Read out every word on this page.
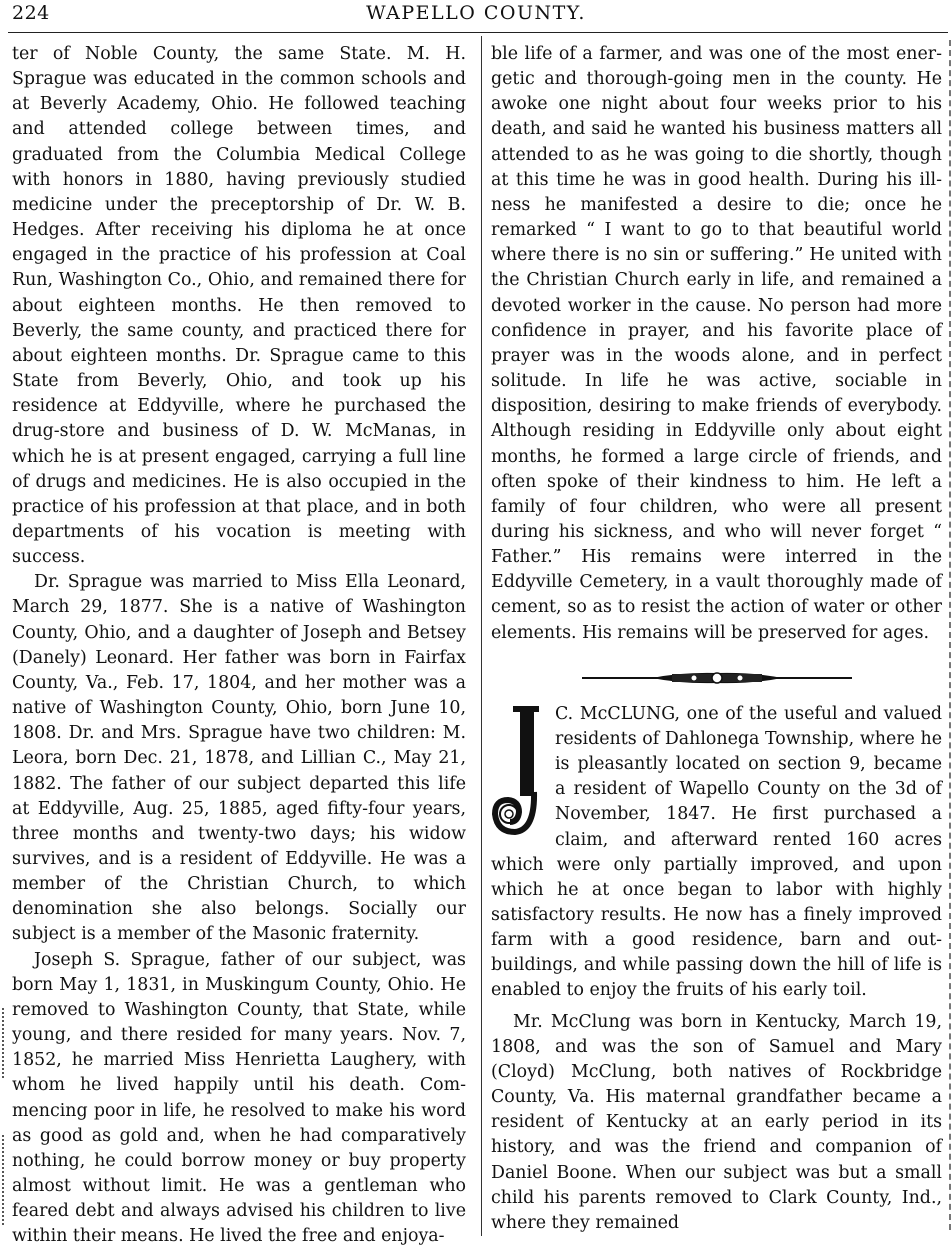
224	WAPELLO COUNTY.

ter of Noble County, the same State. M. H. Sprague was educated in the common schools and at Beverly Academy, Ohio. He followed teaching and attended college between times, and graduated from the Columbia Medical College with honors in 1880, having previously studied medicine under the preceptorship of Dr. W. B. Hedges. After receiving his diploma he at once engaged in the practice of his profession at Coal Run, Washington Co., Ohio, and remained there for about eighteen months. He then removed to Beverly, the same county, and practiced there for about eighteen months. Dr. Sprague came to this State from Beverly, Ohio, and took up his residence at Eddyville, where he purchased the drug-store and business of D. W. McManas, in which he is at present engaged, carrying a full line of drugs and medicines. He is also occupied in the practice of his profession at that place, and in both departments of his vocation is meeting with success.

Dr. Sprague was married to Miss Ella Leonard, March 29, 1877. She is a native of Washington County, Ohio, and a daughter of Joseph and Betsey (Danely) Leonard. Her father was born in Fairfax County, Va., Feb. 17, 1804, and her mother was a native of Washington County, Ohio, born June 10, 1808. Dr. and Mrs. Sprague have two children: M. Leora, born Dec. 21, 1878, and Lillian C., May 21, 1882. The father of our subject departed this life at Eddyville, Aug. 25, 1885, aged fifty-four years, three months and twenty-two days; his widow survives, and is a resident of Eddyville. He was a member of the Christian Church, to which denomination she also belongs. Socially our subject is a member of the Masonic fraternity.

Joseph S. Sprague, father of our subject, was born May 1, 1831, in Muskingum County, Ohio. He removed to Washington County, that State, while young, and there resided for many years. Nov. 7, 1852, he married Miss Henrietta Laughery, with whom he lived happily until his death. Commencing poor in life, he resolved to make his word as good as gold and, when he had comparatively nothing, he could borrow money or buy property almost without limit. He was a gentleman who feared debt and always advised his children to live within their means. He lived the free and enjoya-

ble life of a farmer, and was one of the most energetic and thorough-going men in the county. He awoke one night about four weeks prior to his death, and said he wanted his business matters all attended to as he was going to die shortly, though at this time he was in good health. During his illness he manifested a desire to die; once he remarked “ I want to go to that beautiful world where there is no sin or suffering.” He united with the Christian Church early in life, and remained a devoted worker in the cause. No person had more confidence in prayer, and his favorite place of prayer was in the woods alone, and in perfect solitude. In life he was active, sociable in disposition, desiring to make friends of everybody. Although residing in Eddyville only about eight months, he formed a large circle of friends, and often spoke of their kindness to him. He left a family of four children, who were all present during his sickness, and who will never forget “ Father.” His remains were interred in the Eddyville Cemetery, in a vault thoroughly made of cement, so as to resist the action of water or other elements. His remains will be preserved for ages.

C. McCLUNG, one of the useful and valued residents of Dahlonega Township, where he is pleasantly located on section 9, became a resident of Wapello County on the 3d of November, 1847. He first purchased a claim, and afterward rented 160 acres which were only partially improved, and upon which he at once began to labor with highly satisfactory results. He now has a finely improved farm with a good residence, barn and out-buildings, and while passing down the hill of life is enabled to enjoy the fruits of his early toil.

Mr. McClung was born in Kentucky, March 19, 1808, and was the son of Samuel and Mary (Cloyd) McClung, both natives of Rockbridge County, Va. His maternal grandfather became a resident of Kentucky at an early period in its history, and was the friend and companion of Daniel Boone. When our subject was but a small child his parents removed to Clark County, Ind., where they remained
